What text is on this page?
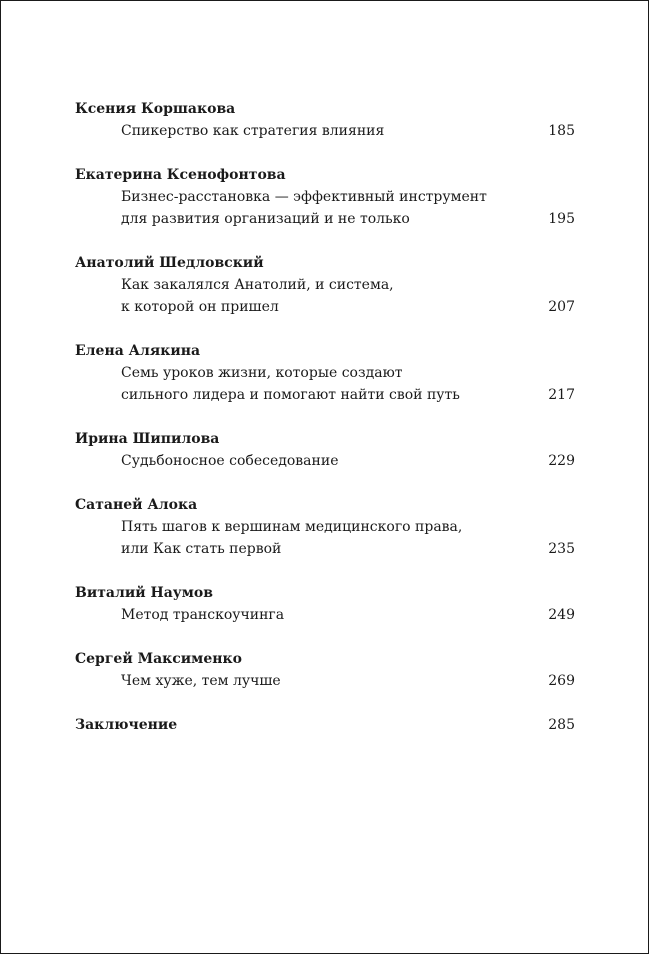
Ксения Коршакова
Спикерство как стратегия влияния	185
Екатерина Ксенофонтова
Бизнес-расстановка — эффективный инструмент
для развития организаций и не только	195
Анатолий Шедловский
Как закалялся Анатолий, и система,
к которой он пришел	207
Елена Алякина
Семь уроков жизни, которые создают
сильного лидера и помогают найти свой путь	217
Ирина Шипилова
Судьбоносное собеседование	229
Сатаней Алока
Пять шагов к вершинам медицинского права,
или Как стать первой	235
Виталий Наумов
Метод транскоучинга	249
Сергей Максименко
Чем хуже, тем лучше	269
Заключение	285
